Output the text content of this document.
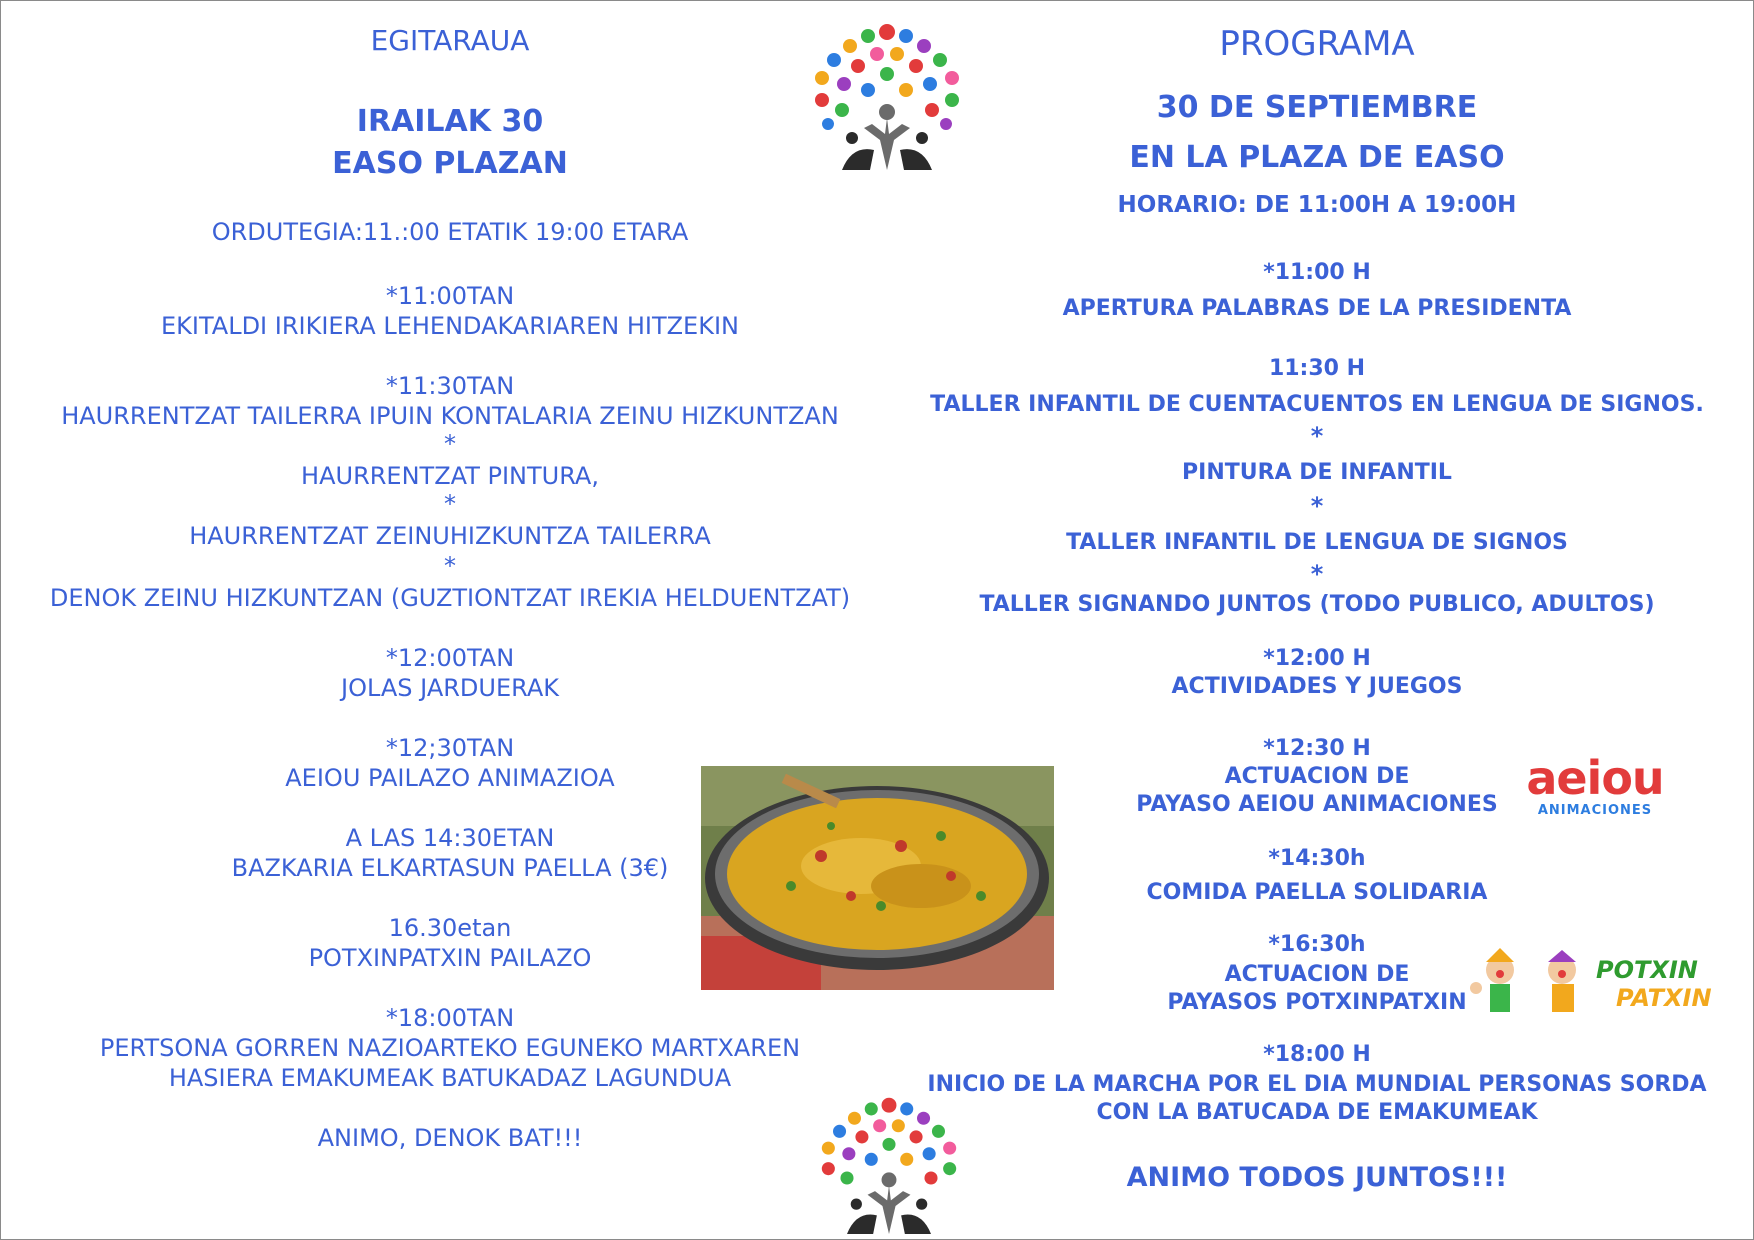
EGITARAUA
IRAILAK 30
EASO PLAZAN
ORDUTEGIA:11.:00 ETATIK 19:00 ETARA
*11:00TAN
EKITALDI IRIKIERA LEHENDAKARIAREN HITZEKIN
*11:30TAN
HAURRENTZAT TAILERRA IPUIN KONTALARIA ZEINU HIZKUNTZAN
*
HAURRENTZAT PINTURA,
*
HAURRENTZAT ZEINUHIZKUNTZA TAILERRA
*
DENOK ZEINU HIZKUNTZAN (GUZTIONTZAT IREKIA HELDUENTZAT)
*12:00TAN
JOLAS JARDUERAK
*12;30TAN
AEIOU PAILAZO ANIMAZIOA
A LAS 14:30ETAN
BAZKARIA ELKARTASUN PAELLA (3€)
16.30etan
POTXINPATXIN PAILAZO
*18:00TAN
PERTSONA GORREN NAZIOARTEKO EGUNEKO MARTXAREN
HASIERA EMAKUMEAK BATUKADAZ LAGUNDUA
ANIMO, DENOK BAT!!!
PROGRAMA
30 DE SEPTIEMBRE
EN LA PLAZA DE EASO
HORARIO: DE 11:00H A 19:00H
*11:00 H
APERTURA PALABRAS DE LA PRESIDENTA
11:30 H
TALLER INFANTIL DE CUENTACUENTOS EN LENGUA DE SIGNOS.
*
PINTURA DE INFANTIL
*
TALLER INFANTIL DE LENGUA DE SIGNOS
*
TALLER SIGNANDO JUNTOS (TODO PUBLICO, ADULTOS)
*12:00 H
ACTIVIDADES Y JUEGOS
*12:30 H
ACTUACION DE
PAYASO AEIOU ANIMACIONES
*14:30h
COMIDA PAELLA SOLIDARIA
*16:30h
ACTUACION DE
PAYASOS POTXINPATXIN
*18:00 H
INICIO DE LA MARCHA POR EL DIA MUNDIAL PERSONAS SORDA
CON LA BATUCADA DE EMAKUMEAK
ANIMO TODOS JUNTOS!!!
aeiou
ANIMACIONES
POTXIN
PATXIN
